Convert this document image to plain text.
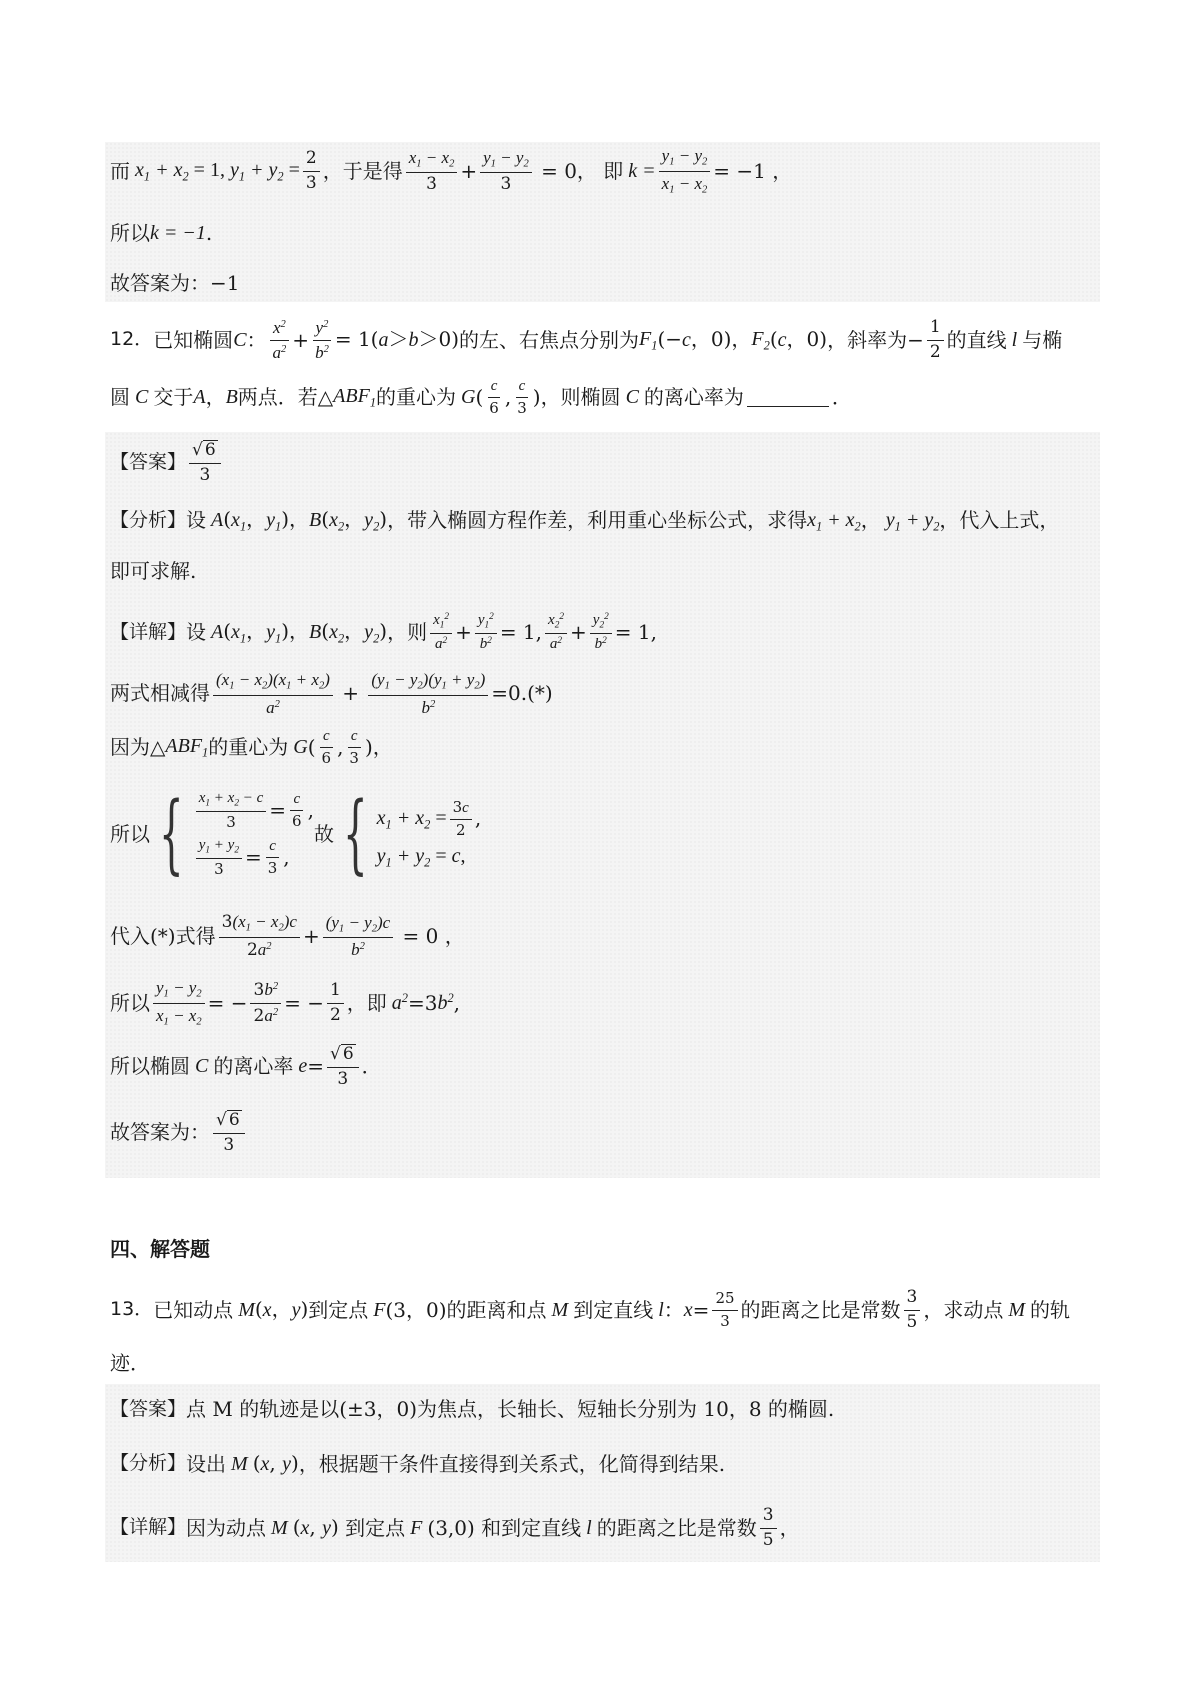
而 $x_1 + x_2 = 1$, $y_1 + y_2 = \frac{2}{3}$ ，于是得
$x_1 - x_2$
3
+ $\frac{y_1 - y_2}{3} = 0$ ， 即 $k = \frac{y_1 - y_2}{x_1 - x_2} = -1$ ，
所以 k = −1 .
故答案为： −1
12． 已知椭圆 C ：
$x^2$
$a^2 + \frac{y^2}{b^2} = 1(a>b>0)$ 的左、右焦点分别为 $F_1$ (−c，0)， $F_2$ (c，0) ，斜率为 − $\frac{1}{2}$ 的直线 l 与椭
圆 C 交于 A ， B 两点．若 △ $ABF_1$ 的重心为 G ( c
6 , c
3 ) ，则椭圆 C 的离心率为	．
【答案】
√ 6
3
【分析】 设 A ($x_1$，$y_1$)， B ($x_2$，$y_2$) ，带入椭圆方程作差，利用重心坐标公式，求得 $x_1 + x_2$ ， $y_1 + y_2$ ，代入上式，
即可求解.
【详解】 设 A ($x_1$，$y_1$)， B ($x_2$，$y_2$) ，则
$x_1^2$
$a^2 + \frac{y_1^2}{b^2} = 1$,
$x_2^2$
$a^2 + \frac{y_2^2}{b^2} = 1$,
两式相减得
$(x_1 - x_2)(x_1 + x_2)$
$a^2$	+ $\frac{(y_1 - y_2)(y_1 + y_2)}{b^2} =0.(*)$
因为 △ $ABF_1$ 的重心为 G ( c
6 , c
3 ) ，
所以 { $\frac{x_1 + x_2 - c}{3} = \frac{c}{6}$ ,
$\frac{y_1 + y_2}{3} = \frac{c}{3}$ ,
故 { $x_1 + x_2 = \frac{3c}{2}$ ,
$y_1 + y_2 = c$,
代入(*)式得
$3(x_1 - x_2)c$
$2a^2 + \frac{(y_1 - y_2)c}{b^2} = 0$ ，
所以 $\frac{y_1 - y_2}{x_1 - x_2}$ = − $\frac{3b^2}{2a^2}$ = − $\frac{1}{2}$ ，即 $a^2 =3$ $b^2$ ,
所以椭圆 C 的离心率 $e = \frac{√ 6}{3}$ ．
故答案为：
√ 6
3
四、解答题
13． 已知动点 M (x，y) 到定点 F (3，0) 的距离和点 M 到定直线 l ： $x = \frac{25}{3}$ 的距离之比是常数
3
5 ，求动点 M 的轨
迹．
【答案】 点 M 的轨迹是以(±3，0)为焦点，长轴长、短轴长分别为 10，8 的椭圆.
【分析】 设出 M (x, y) ，根据题干条件直接得到关系式，化简得到结果.
【详解】 因为动点 M (x, y) 到定点 F (3,0) 和到定直线 l 的距离之比是常数
3
5 ，
